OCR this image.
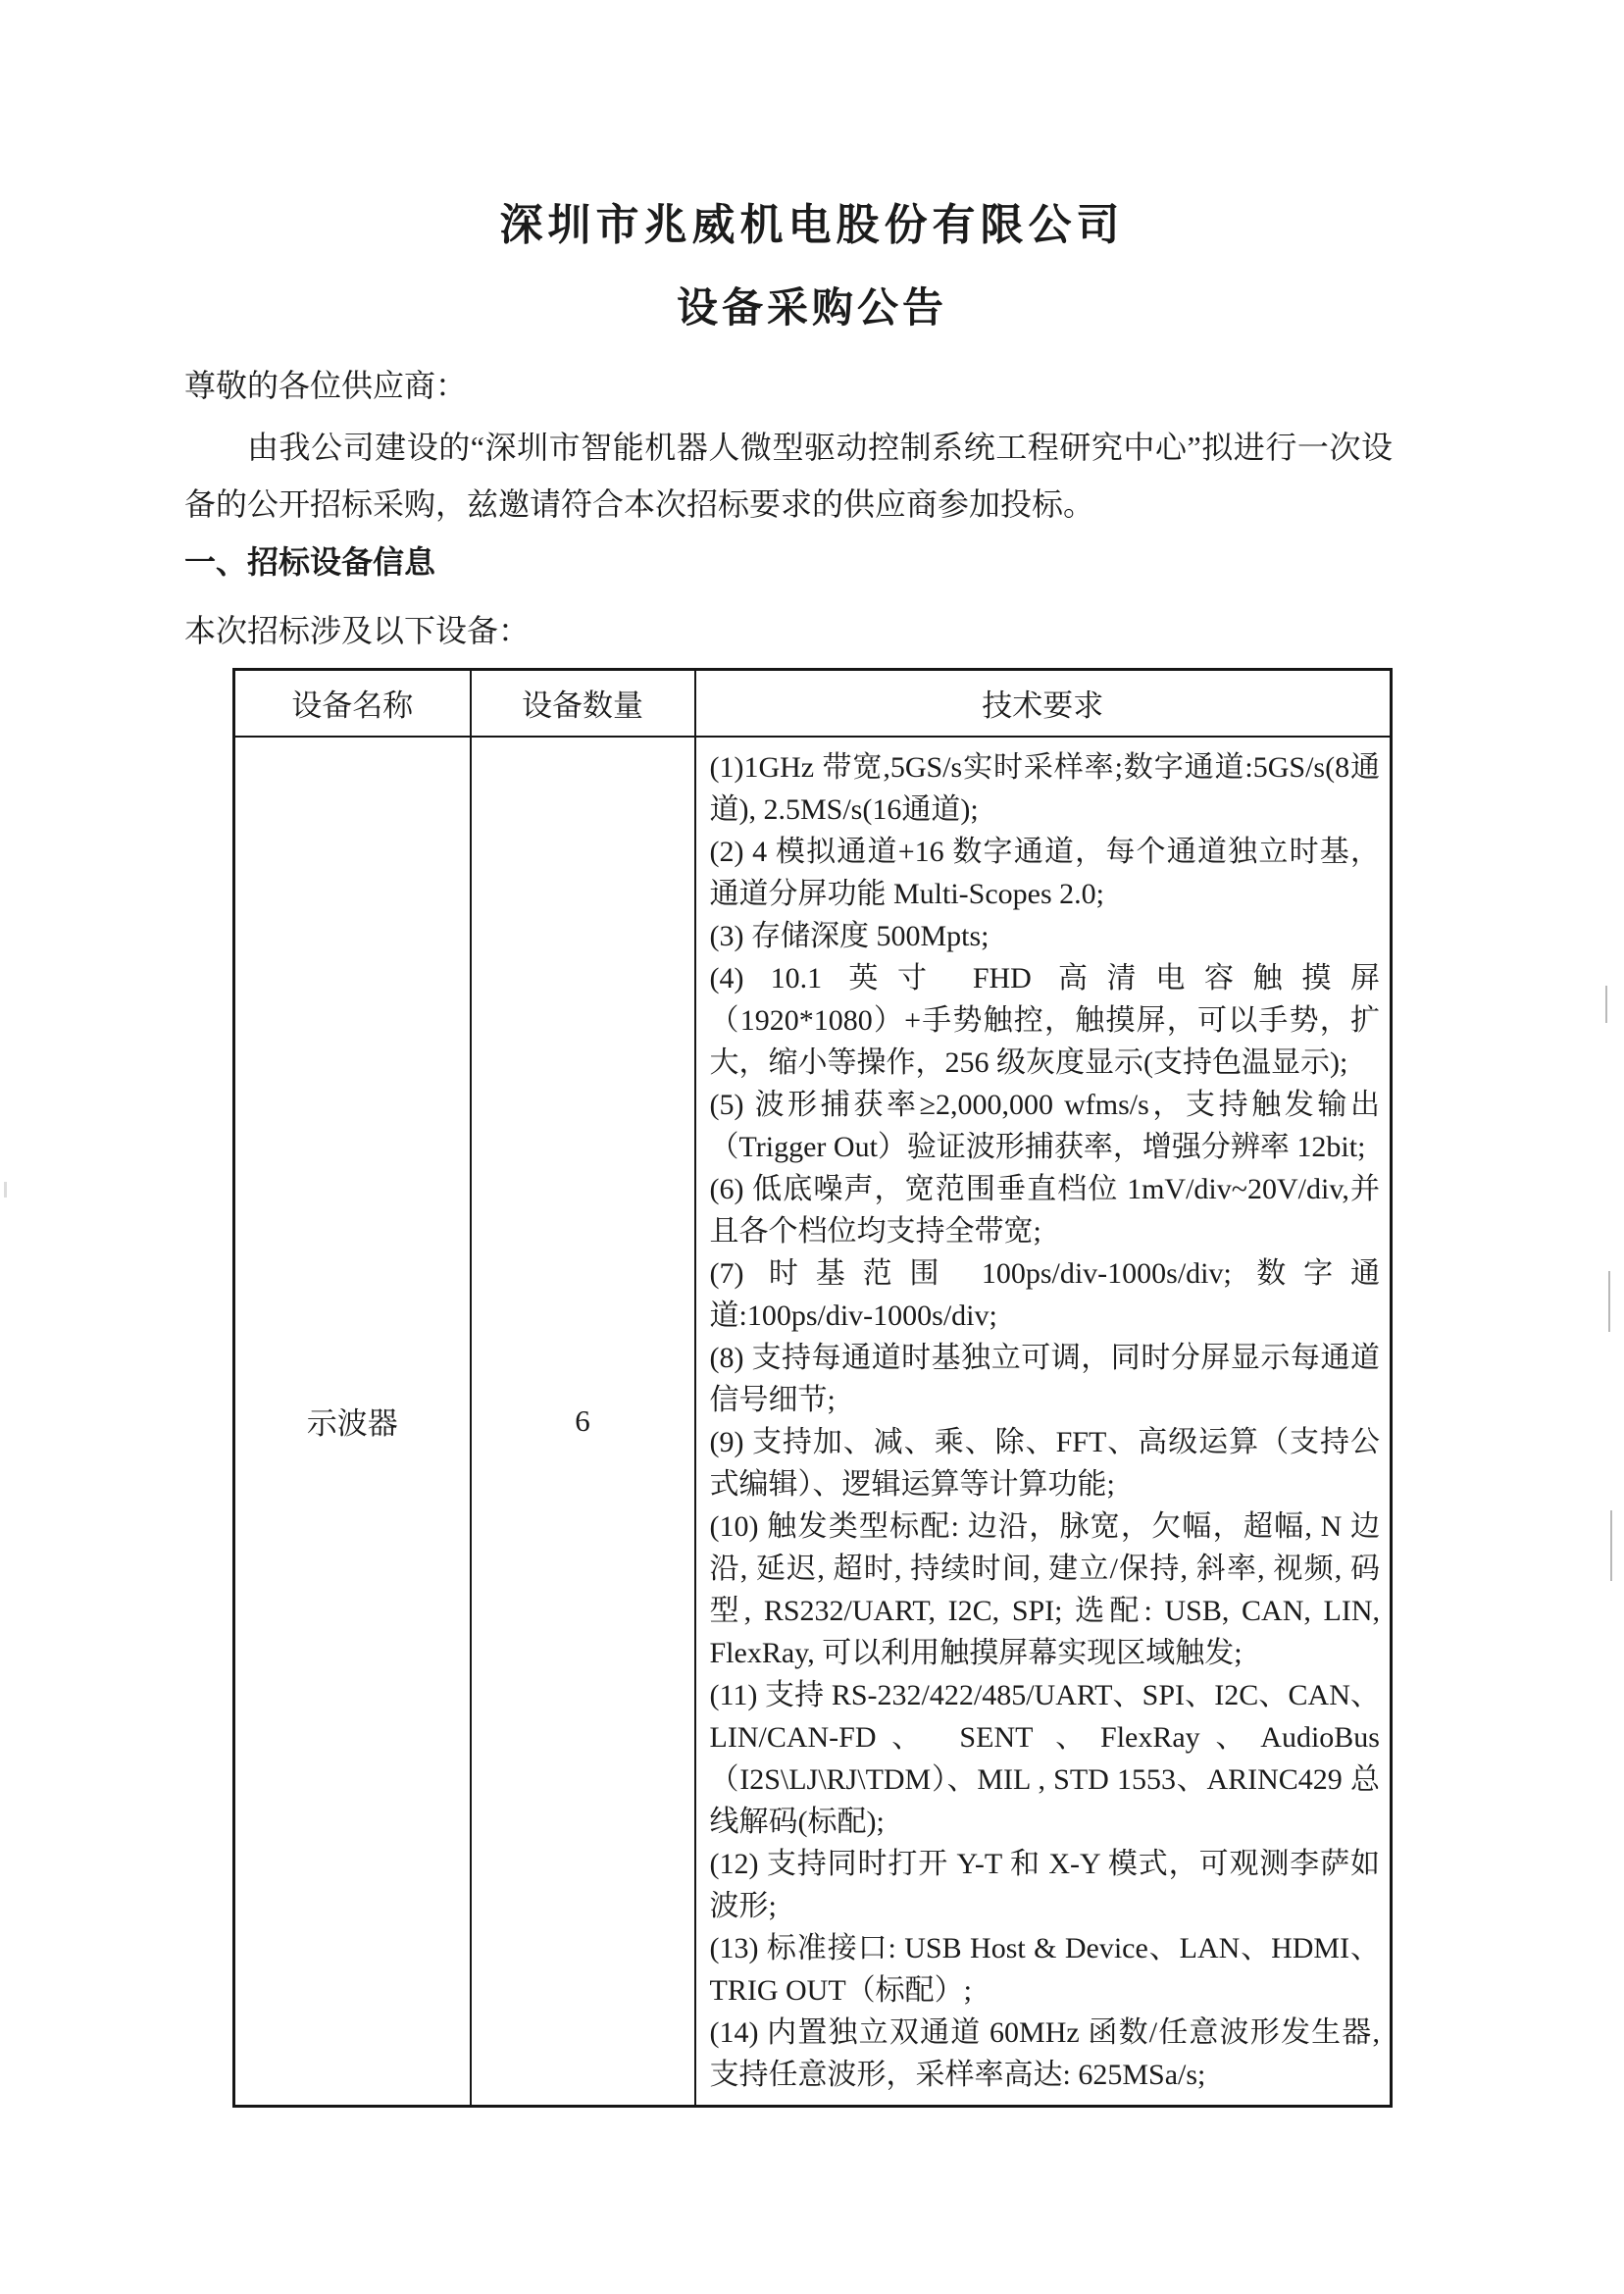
深圳市兆威机电股份有限公司
设备采购公告

尊敬的各位供应商：

由我公司建设的“深圳市智能机器人微型驱动控制系统工程研究中心”拟进行一次设备的公开招标采购，兹邀请符合本次招标要求的供应商参加投标。

一、招标设备信息

本次招标涉及以下设备：

设备名称	设备数量	技术要求
示波器	6	
(1)1GHz 带宽,5GS/s实时采样率;数字通道:5GS/s(8通道), 2.5MS/s(16通道);
(2) 4 模拟通道+16 数字通道，每个通道独立时基，通道分屏功能 Multi-Scopes 2.0;
(3) 存储深度 500Mpts;
(4) 10.1 英寸 FHD 高清电容触摸屏（1920*1080）+手势触控，触摸屏，可以手势，扩大，缩小等操作，256 级灰度显示(支持色温显示);
(5) 波形捕获率≥2,000,000 wfms/s，支持触发输出（Trigger Out）验证波形捕获率，增强分辨率 12bit;
(6) 低底噪声，宽范围垂直档位 1mV/div~20V/div,并且各个档位均支持全带宽;
(7) 时基范围 100ps/div-1000s/div; 数字通道:100ps/div-1000s/div;
(8) 支持每通道时基独立可调，同时分屏显示每通道信号细节;
(9) 支持加、减、乘、除、FFT、高级运算（支持公式编辑）、逻辑运算等计算功能;
(10) 触发类型标配: 边沿，脉宽，欠幅，超幅, N 边沿, 延迟, 超时, 持续时间, 建立/保持, 斜率, 视频, 码型, RS232/UART, I2C, SPI; 选配: USB, CAN, LIN, FlexRay, 可以利用触摸屏幕实现区域触发;
(11) 支持 RS-232/422/485/UART、SPI、I2C、CAN、LIN/CAN-FD、 SENT 、FlexRay、AudioBus（I2S\LJ\RJ\TDM）、MIL , STD 1553、ARINC429 总线解码(标配);
(12) 支持同时打开 Y-T 和 X-Y 模式，可观测李萨如波形;
(13) 标准接口: USB Host & Device、LAN、HDMI、TRIG OUT（标配）;
(14) 内置独立双通道 60MHz 函数/任意波形发生器,支持任意波形，采样率高达: 625MSa/s;
